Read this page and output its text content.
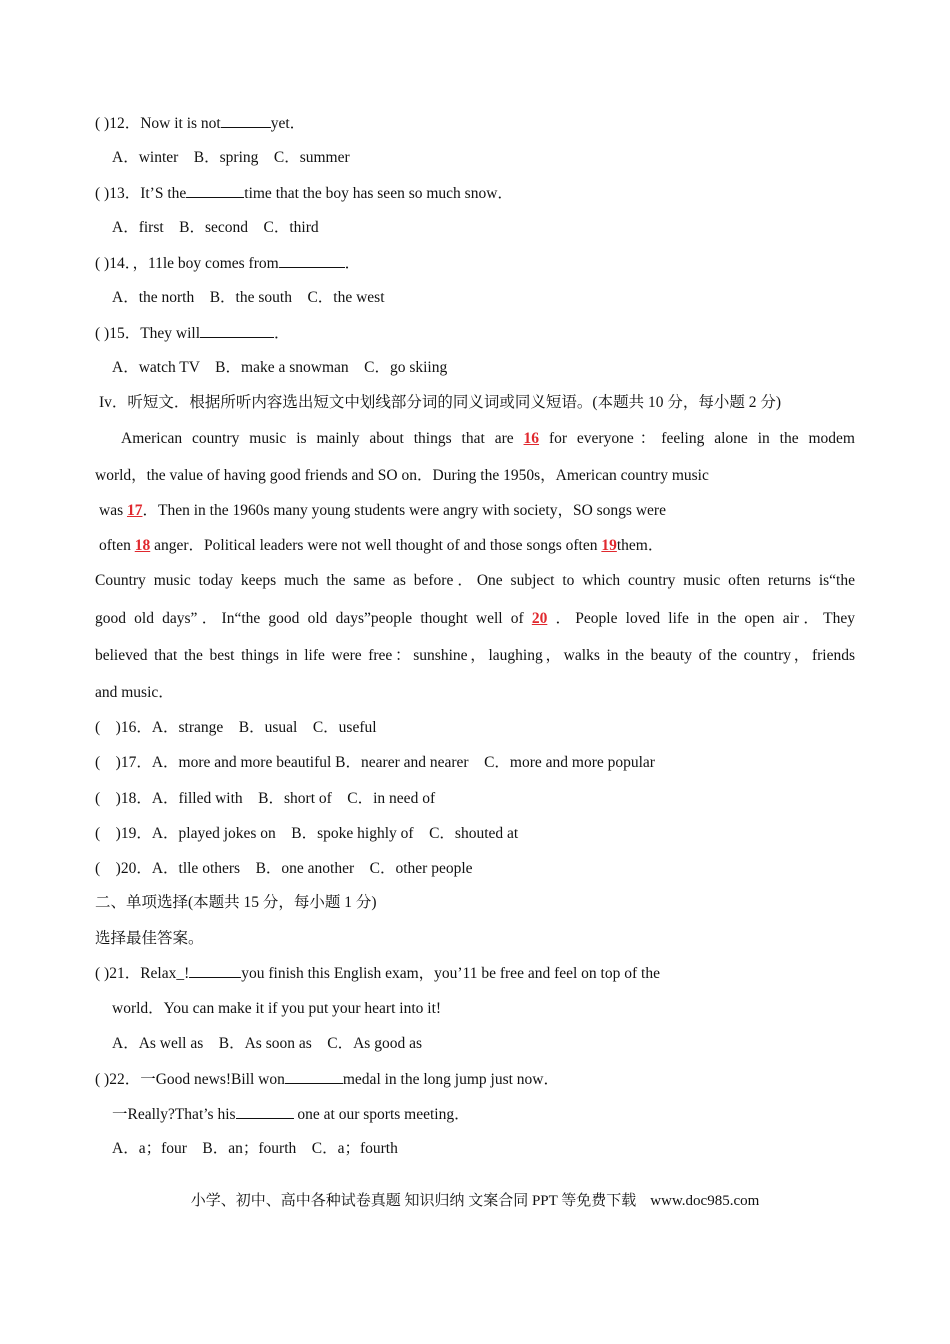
( )12．Now it is not	yet．
A．winter　B．spring　C．summer
( )13．It’S the	time that the boy has seen so much snow．
A．first　B．second　C．third
( )14．，11le boy comes from	．
A．the north　B．the south　C．the west
( )15．They will	．
A．watch TV　B．make a snowman　C．go skiing
Iv．听短文．根据所听内容选出短文中划线部分词的同义词或同义短语。(本题共 10 分，每小题 2 分)
American country music is mainly about things that are 16 for everyone：feeling alone in the modem
world，the value of having good friends and SO on．During the 1950s，American country music
was 17．Then in the 1960s many young students were angry with society，SO songs were
often 18 anger．Political leaders were not well thought of and those songs often 19them．
Country music today keeps much the same as before．One subject to which country music often returns is“the
good old days”．In“the good old days”people thought well of 20 ．People loved life in the open air．They
believed that the best things in life were free：sunshine，laughing，walks in the beauty of the country，friends
and music．
(　)16．A．strange　B．usual　C．useful
(　)17．A．more and more beautiful B．nearer and nearer　C．more and more popular
(　)18．A．filled with　B．short of　C．in need of
(　)19．A．played jokes on　B．spoke highly of　C．shouted at
(　)20．A．tlle others　B．one another　C．other people
二、单项选择(本题共 15 分，每小题 1 分)
选择最佳答案。
( )21．Relax_!	you finish this English exam，you’11 be free and feel on top of the
world．You can make it if you put your heart into it!
A．As well as　B．As soon as　C．As good as
( )22．一Good news!Bill won	medal in the long jump just now．
一Really?That’s his	one at our sports meeting．
A．a；four　B．an；fourth　C．a；fourth
小学、初中、高中各种试卷真题 知识归纳 文案合同 PPT 等免费下载 www.doc985.com
